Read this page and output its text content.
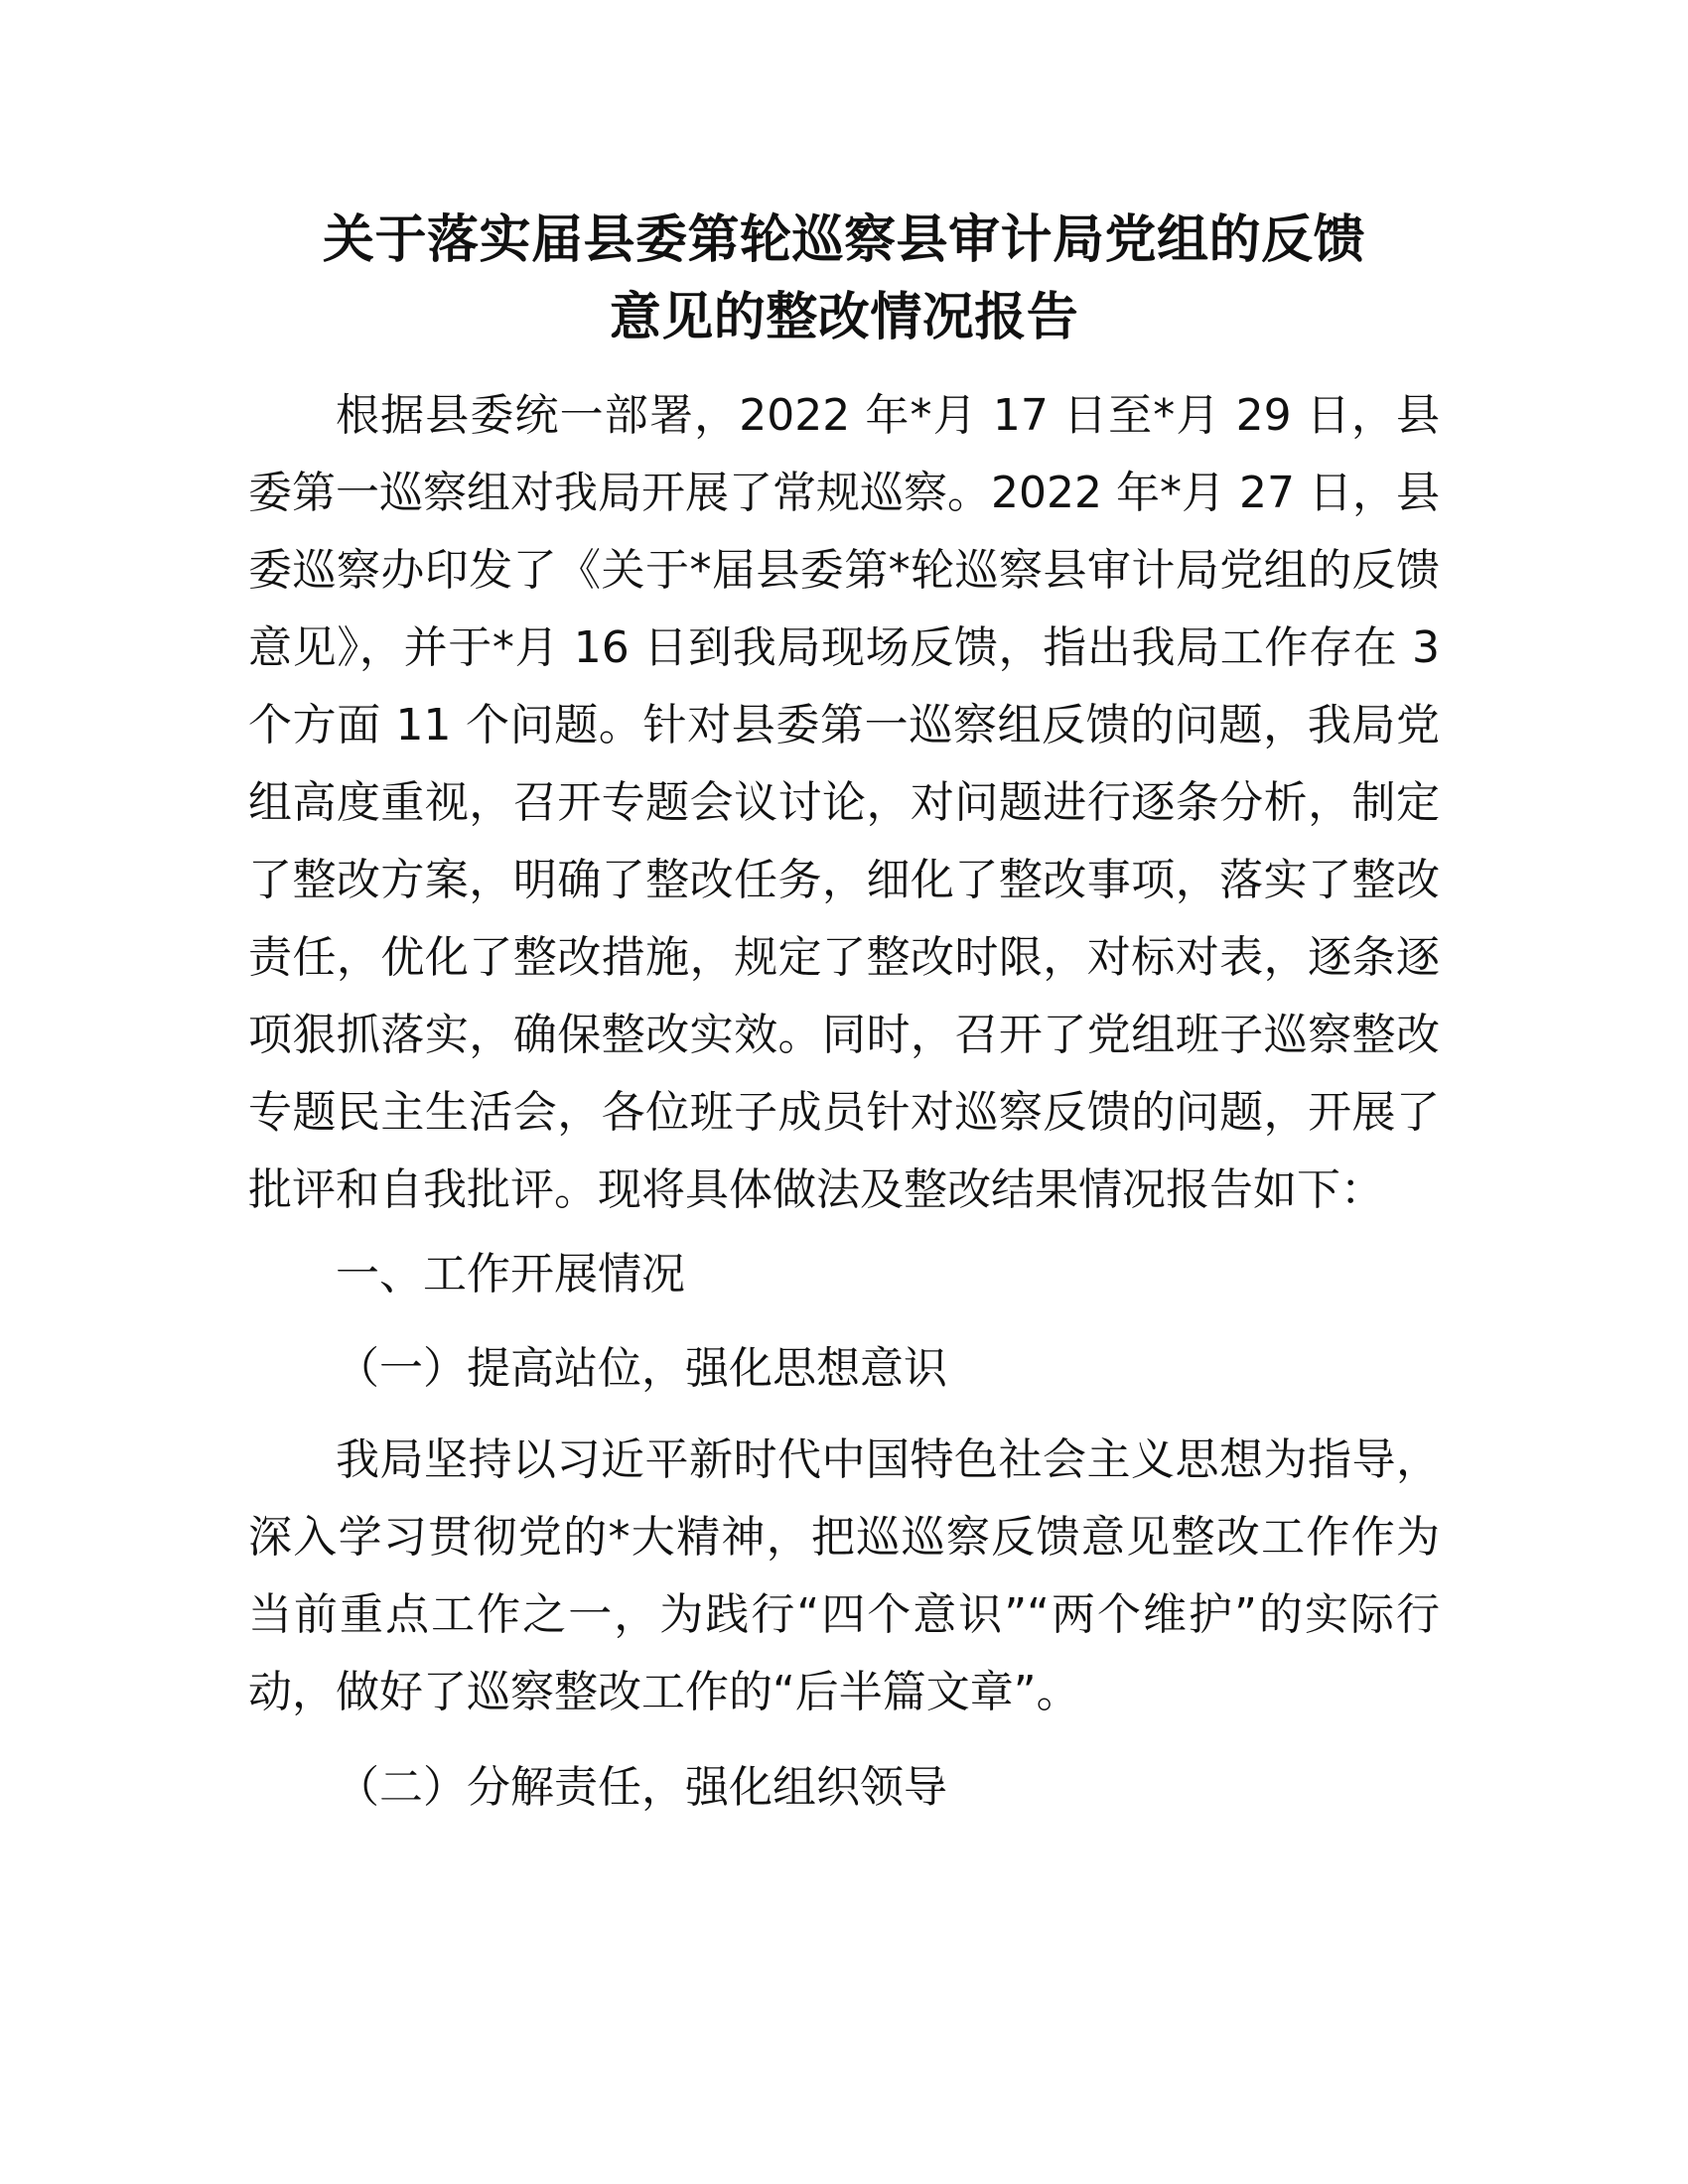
关于落实届县委第轮巡察县审计局党组的反馈
意见的整改情况报告

根据县委统一部署，2022 年*月 17 日至*月 29 日，县委第一巡察组对我局开展了常规巡察。2022 年*月 27 日，县委巡察办印发了《关于*届县委第*轮巡察县审计局党组的反馈意见》，并于*月 16 日到我局现场反馈，指出我局工作存在 3 个方面 11 个问题。针对县委第一巡察组反馈的问题，我局党组高度重视，召开专题会议讨论，对问题进行逐条分析，制定了整改方案，明确了整改任务，细化了整改事项，落实了整改责任，优化了整改措施，规定了整改时限，对标对表，逐条逐项狠抓落实，确保整改实效。同时，召开了党组班子巡察整改专题民主生活会，各位班子成员针对巡察反馈的问题，开展了批评和自我批评。现将具体做法及整改结果情况报告如下：

一、工作开展情况

（一）提高站位，强化思想意识

我局坚持以习近平新时代中国特色社会主义思想为指导，深入学习贯彻党的*大精神，把巡巡察反馈意见整改工作作为当前重点工作之一，为践行“四个意识”“两个维护”的实际行动，做好了巡察整改工作的“后半篇文章”。

（二）分解责任，强化组织领导
